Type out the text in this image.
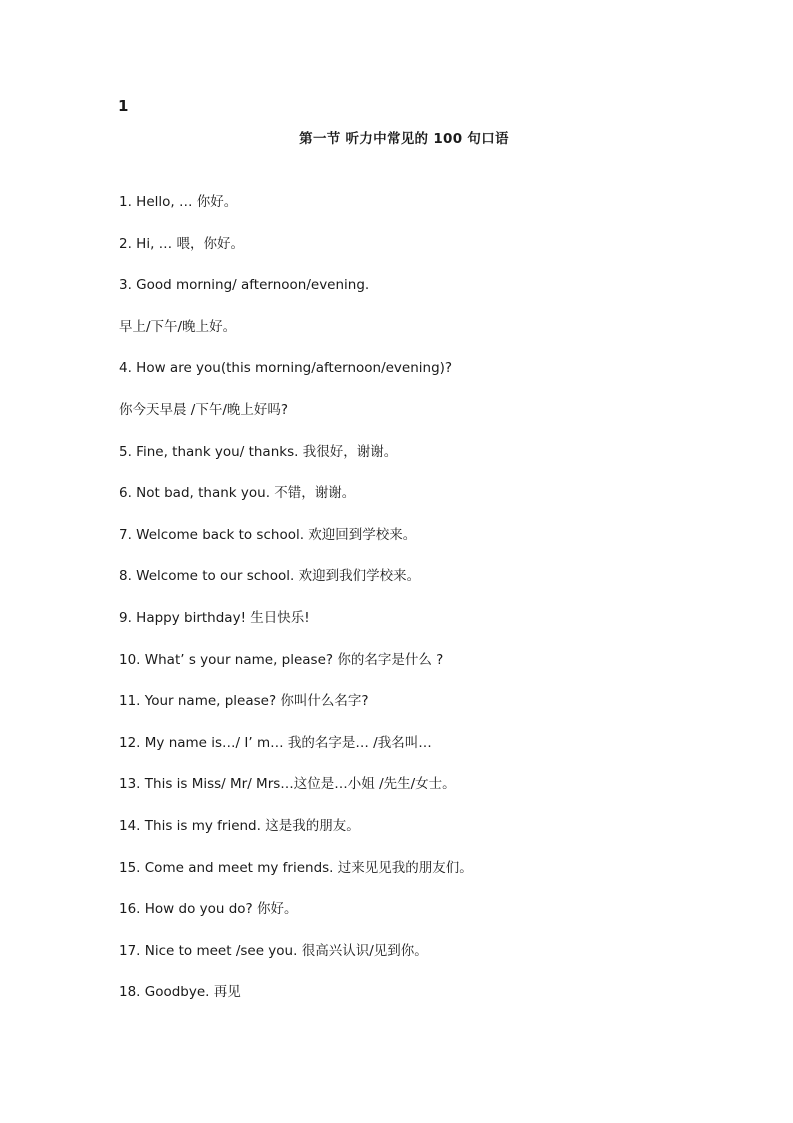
1
第一节 听力中常见的 100 句口语
1. Hello, … 你好。
2. Hi, … 喂，你好。
3. Good morning/ afternoon/evening.
早上/下午/晚上好。
4. How are you(this morning/afternoon/evening)?
你今天早晨 /下午/晚上好吗?
5. Fine, thank you/ thanks. 我很好，谢谢。
6. Not bad, thank you. 不错，谢谢。
7. Welcome back to school. 欢迎回到学校来。
8. Welcome to our school. 欢迎到我们学校来。
9. Happy birthday! 生日快乐!
10. What’ s your name, please? 你的名字是什么 ?
11. Your name, please? 你叫什么名字?
12. My name is…/ I’ m… 我的名字是… /我名叫…
13. This is Miss/ Mr/ Mrs…这位是…小姐 /先生/女士。
14. This is my friend. 这是我的朋友。
15. Come and meet my friends. 过来见见我的朋友们。
16. How do you do? 你好。
17. Nice to meet /see you. 很高兴认识/见到你。
18. Goodbye. 再见
